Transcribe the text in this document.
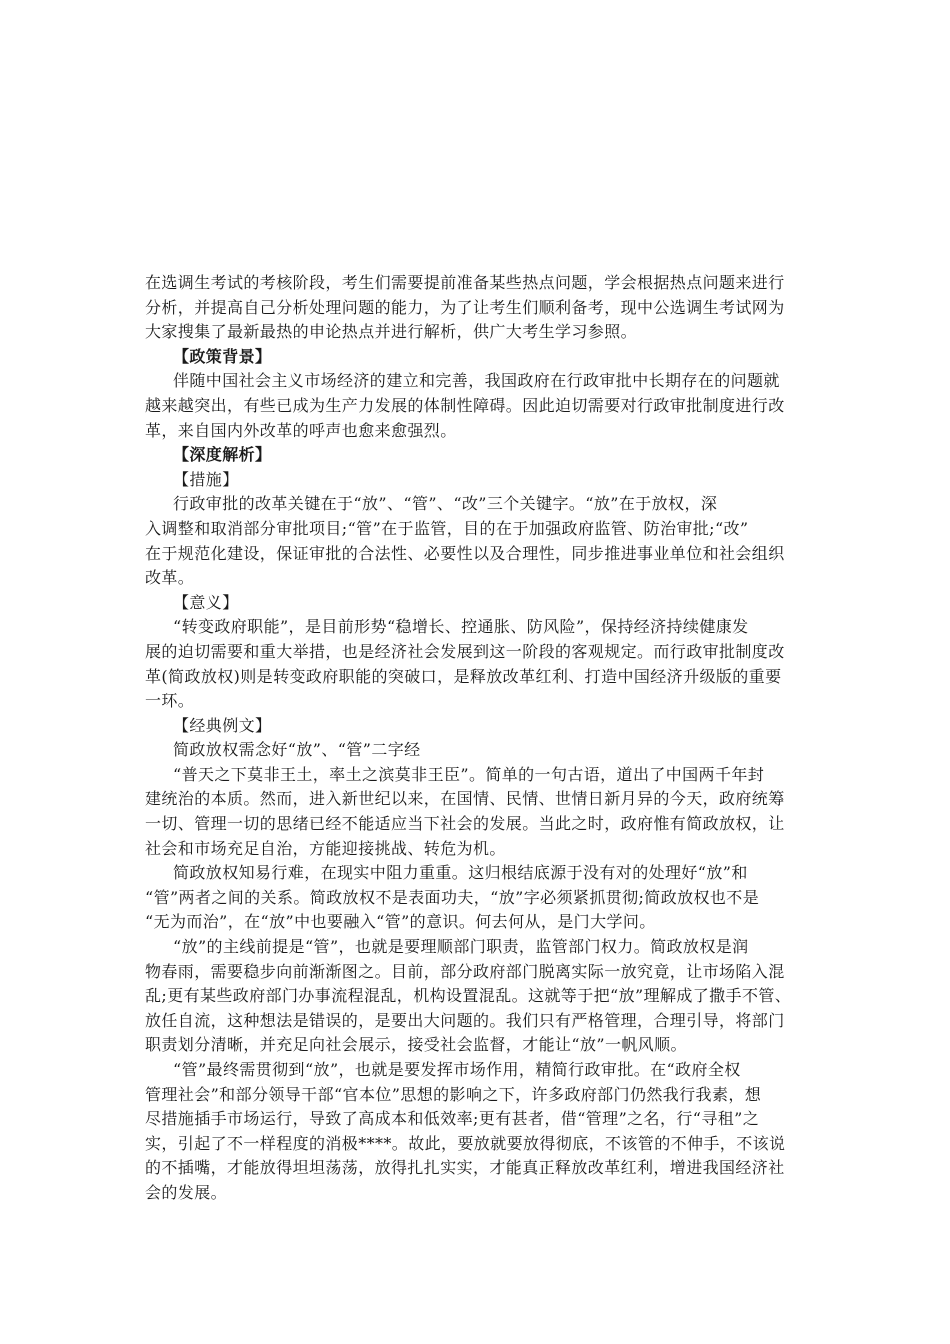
在选调生考试的考核阶段，考生们需要提前准备某些热点问题，学会根据热点问题来进行
分析，并提高自己分析处理问题的能力，为了让考生们顺利备考，现中公选调生考试网为
大家搜集了最新最热的申论热点并进行解析，供广大考生学习参照。
【政策背景】
伴随中国社会主义市场经济的建立和完善，我国政府在行政审批中长期存在的问题就
越来越突出，有些已成为生产力发展的体制性障碍。因此迫切需要对行政审批制度进行改
革，来自国内外改革的呼声也愈来愈强烈。
【深度解析】
【措施】
行政审批的改革关键在于“放”、“管”、“改”三个关键字。“放”在于放权，深
入调整和取消部分审批项目;“管”在于监管，目的在于加强政府监管、防治审批;“改”
在于规范化建设，保证审批的合法性、必要性以及合理性，同步推进事业单位和社会组织
改革。
【意义】
“转变政府职能”，是目前形势“稳增长、控通胀、防风险”，保持经济持续健康发
展的迫切需要和重大举措，也是经济社会发展到这一阶段的客观规定。而行政审批制度改
革(简政放权)则是转变政府职能的突破口，是释放改革红利、打造中国经济升级版的重要
一环。
【经典例文】
简政放权需念好“放”、“管”二字经
“普天之下莫非王土，率土之滨莫非王臣”。简单的一句古语，道出了中国两千年封
建统治的本质。然而，进入新世纪以来，在国情、民情、世情日新月异的今天，政府统筹
一切、管理一切的思绪已经不能适应当下社会的发展。当此之时，政府惟有简政放权，让
社会和市场充足自治，方能迎接挑战、转危为机。
简政放权知易行难，在现实中阻力重重。这归根结底源于没有对的处理好“放”和
“管”两者之间的关系。简政放权不是表面功夫，“放”字必须紧抓贯彻;简政放权也不是
“无为而治”，在“放”中也要融入“管”的意识。何去何从，是门大学问。
“放”的主线前提是“管”，也就是要理顺部门职责，监管部门权力。简政放权是润
物春雨，需要稳步向前渐渐图之。目前，部分政府部门脱离实际一放究竟，让市场陷入混
乱;更有某些政府部门办事流程混乱，机构设置混乱。这就等于把“放”理解成了撒手不管、
放任自流，这种想法是错误的，是要出大问题的。我们只有严格管理，合理引导，将部门
职责划分清晰，并充足向社会展示，接受社会监督，才能让“放”一帆风顺。
“管”最终需贯彻到“放”，也就是要发挥市场作用，精简行政审批。在“政府全权
管理社会”和部分领导干部“官本位”思想的影响之下，许多政府部门仍然我行我素，想
尽措施插手市场运行，导致了高成本和低效率;更有甚者，借“管理”之名，行“寻租”之
实，引起了不一样程度的消极****。故此，要放就要放得彻底，不该管的不伸手，不该说
的不插嘴，才能放得坦坦荡荡，放得扎扎实实，才能真正释放改革红利，增进我国经济社
会的发展。
